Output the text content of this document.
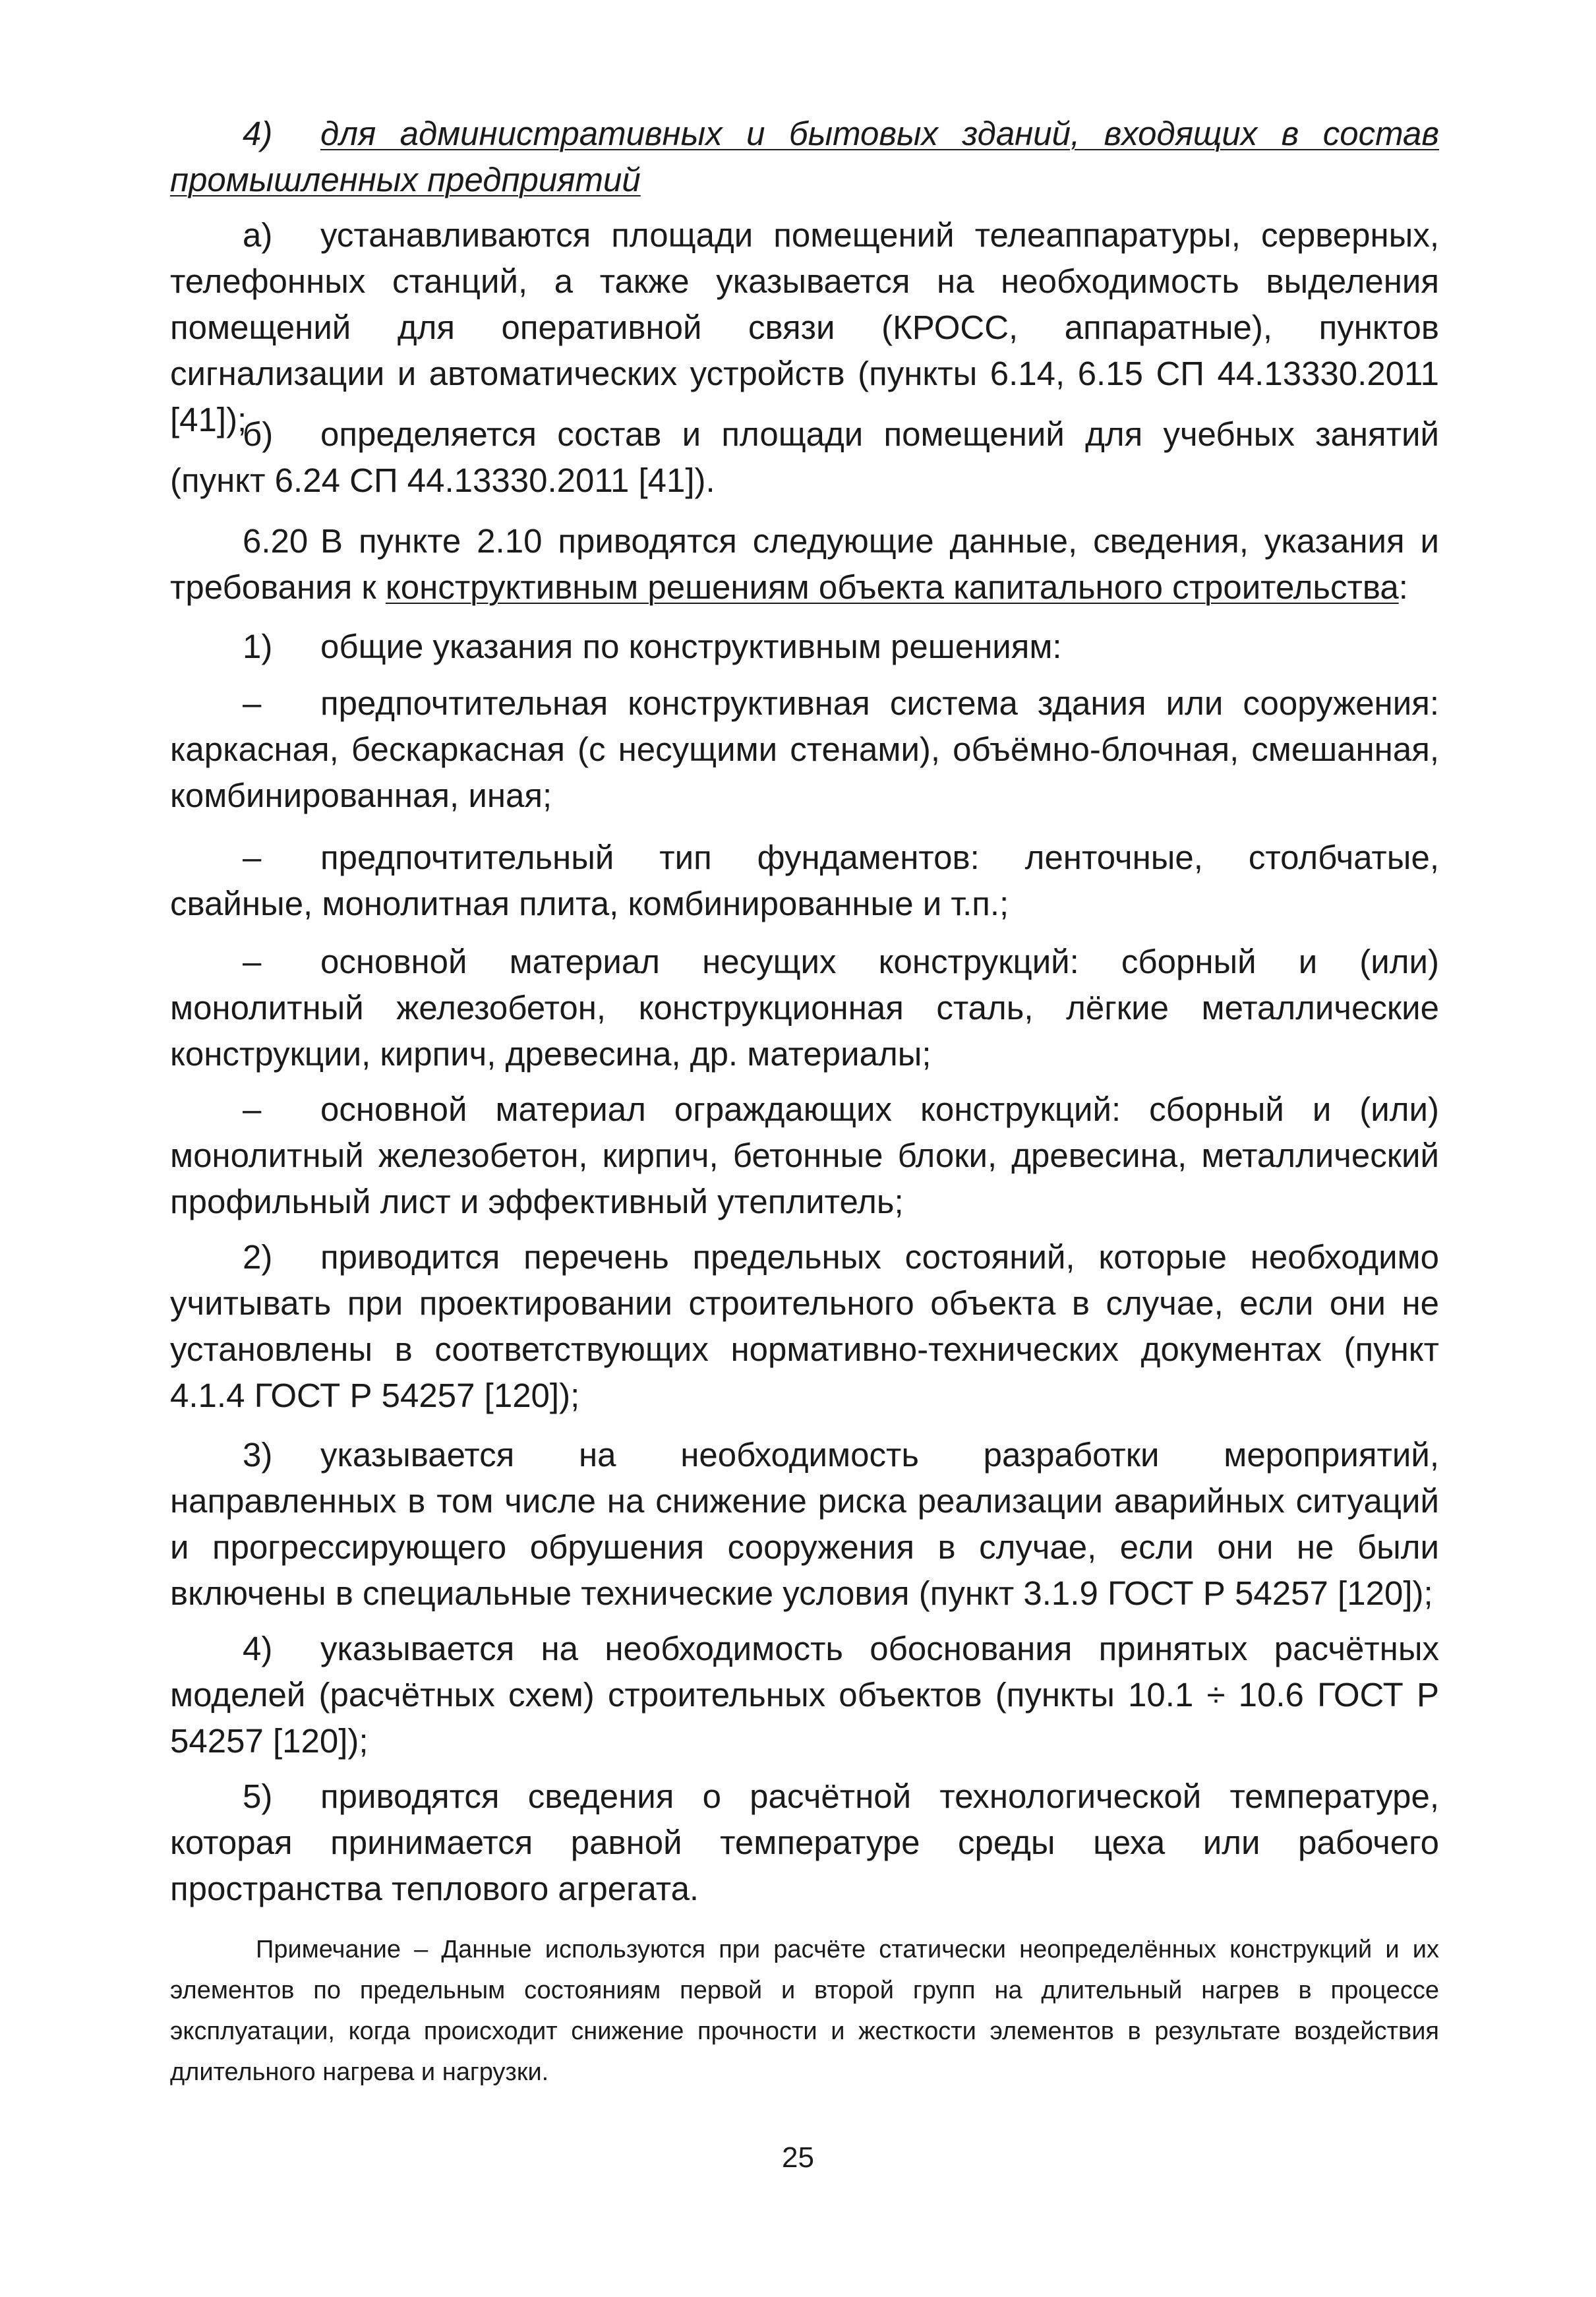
4) для административных и бытовых зданий, входящих в состав промышленных предприятий

а) устанавливаются площади помещений телеаппаратуры, серверных, телефонных станций, а также указывается на необходимость выделения помещений для оперативной связи (КРОСС, аппаратные), пунктов сигнализации и автоматических устройств (пункты 6.14, 6.15 СП 44.13330.2011 [41]);

б) определяется состав и площади помещений для учебных занятий (пункт 6.24 СП 44.13330.2011 [41]).

6.20 В пункте 2.10 приводятся следующие данные, сведения, указания и требования к конструктивным решениям объекта капитального строительства:

1) общие указания по конструктивным решениям:

– предпочтительная конструктивная система здания или сооружения: каркасная, бескаркасная (с несущими стенами), объёмно-блочная, смешанная, комбинированная, иная;

– предпочтительный тип фундаментов: ленточные, столбчатые, свайные, монолитная плита, комбинированные и т.п.;

– основной материал несущих конструкций: сборный и (или) монолитный железобетон, конструкционная сталь, лёгкие металлические конструкции, кирпич, древесина, др. материалы;

– основной материал ограждающих конструкций: сборный и (или) монолитный железобетон, кирпич, бетонные блоки, древесина, металлический профильный лист и эффективный утеплитель;

2) приводится перечень предельных состояний, которые необходимо учитывать при проектировании строительного объекта в случае, если они не установлены в соответствующих нормативно-технических документах (пункт 4.1.4 ГОСТ Р 54257 [120]);

3) указывается на необходимость разработки мероприятий, направленных в том числе на снижение риска реализации аварийных ситуаций и прогрессирующего обрушения сооружения в случае, если они не были включены в специальные технические условия (пункт 3.1.9 ГОСТ Р 54257 [120]);

4) указывается на необходимость обоснования принятых расчётных моделей (расчётных схем) строительных объектов (пункты 10.1 ÷ 10.6 ГОСТ Р 54257 [120]);

5) приводятся сведения о расчётной технологической температуре, которая принимается равной температуре среды цеха или рабочего пространства теплового агрегата.

Примечание – Данные используются при расчёте статически неопределённых конструкций и их элементов по предельным состояниям первой и второй групп на длительный нагрев в процессе эксплуатации, когда происходит снижение прочности и жесткости элементов в результате воздействия длительного нагрева и нагрузки.

25
